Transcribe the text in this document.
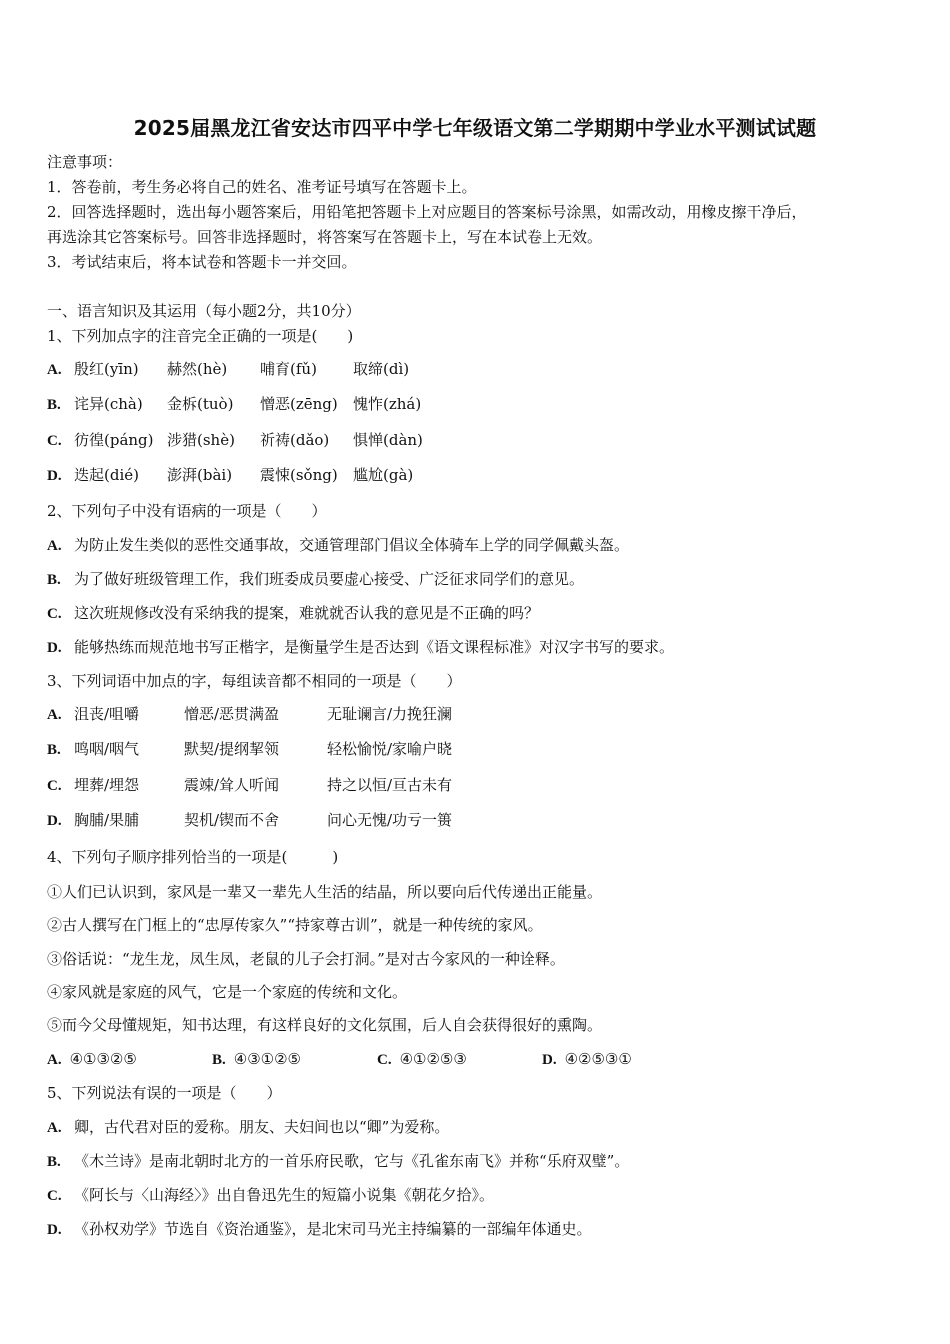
2025届黑龙江省安达市四平中学七年级语文第二学期期中学业水平测试试题
注意事项：
1．答卷前，考生务必将自己的姓名、准考证号填写在答题卡上。
2．回答选择题时，选出每小题答案后，用铅笔把答题卡上对应题目的答案标号涂黑，如需改动，用橡皮擦干净后，
再选涂其它答案标号。回答非选择题时，将答案写在答题卡上，写在本试卷上无效。
3．考试结束后，将本试卷和答题卡一并交回。
一、语言知识及其运用（每小题2分，共10分）
1、下列加点字的注音完全正确的一项是(　　)
A. 殷红(yīn) 赫然(hè) 哺育(fǔ) 取缔(dì)
B. 诧异(chà) 金柝(tuò) 憎恶(zēng) 愧怍(zhá)
C. 彷徨(páng) 涉猎(shè) 祈祷(dǎo) 惧惮(dàn)
D. 迭起(dié) 澎湃(bài) 震悚(sǒng) 尴尬(gà)
2、下列句子中没有语病的一项是（　　）
A. 为防止发生类似的恶性交通事故，交通管理部门倡议全体骑车上学的同学佩戴头盔。
B. 为了做好班级管理工作，我们班委成员要虚心接受、广泛征求同学们的意见。
C. 这次班规修改没有采纳我的提案，难就就否认我的意见是不正确的吗？
D. 能够热练而规范地书写正楷字，是衡量学生是否达到《语文课程标准》对汉字书写的要求。
3、下列词语中加点的字，每组读音都不相同的一项是（　　）
A. 沮丧/咀嚼	憎恶/恶贯满盈	无耻谰言/力挽狂澜
B. 鸣咽/咽气	默契/提纲挈领	轻松愉悦/家喻户晓
C. 埋葬/埋怨	震竦/耸人听闻	持之以恒/亘古未有
D. 胸脯/果脯	契机/锲而不舍	问心无愧/功亏一篑
4、下列句子顺序排列恰当的一项是(　　　)
①人们已认识到，家风是一辈又一辈先人生活的结晶，所以要向后代传递出正能量。
②古人撰写在门框上的“忠厚传家久”“持家尊古训”，就是一种传统的家风。
③俗话说：“龙生龙，凤生凤，老鼠的儿子会打洞。”是对古今家风的一种诠释。
④家风就是家庭的风气，它是一个家庭的传统和文化。
⑤而今父母懂规矩，知书达理，有这样良好的文化氛围，后人自会获得很好的熏陶。
A. ④①③②⑤	B. ④③①②⑤	C. ④①②⑤③	D. ④②⑤③①
5、下列说法有误的一项是（　　）
A. 卿，古代君对臣的爱称。朋友、夫妇间也以“卿”为爱称。
B. 《木兰诗》是南北朝时北方的一首乐府民歌，它与《孔雀东南飞》并称“乐府双璧”。
C. 《阿长与〈山海经〉》出自鲁迅先生的短篇小说集《朝花夕拾》。
D. 《孙权劝学》节选自《资治通鉴》，是北宋司马光主持编纂的一部编年体通史。
